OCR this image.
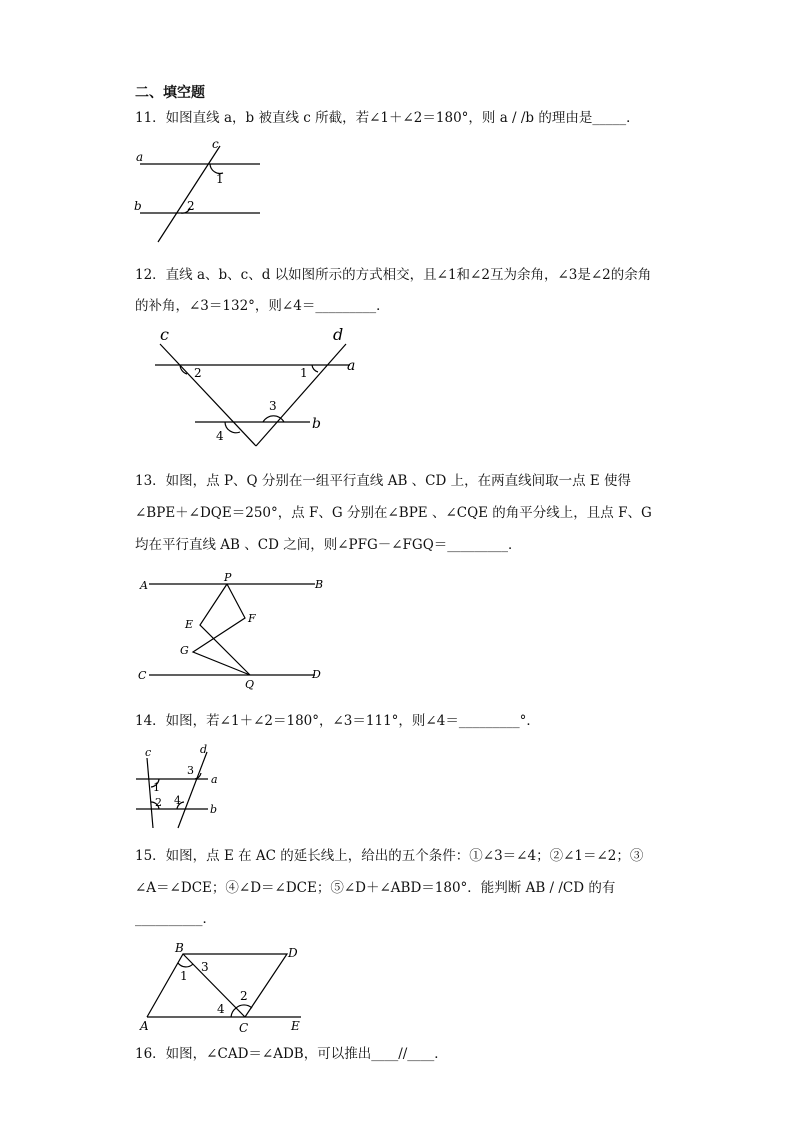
二、填空题
11．如图直线 a，b 被直线 c 所截，若∠1＋∠2＝180°，则 a / /b 的理由是_____．
a
b
c
1
2
12．直线 a、b、c、d 以如图所示的方式相交，且∠1和∠2互为余角，∠3是∠2的余角
的补角，∠3＝132°，则∠4＝_________．
c	d
a
b
2	1
3
4
13．如图，点 P、Q 分别在一组平行直线 AB 、CD 上，在两直线间取一点 E 使得
∠BPE＋∠DQE＝250°，点 F、G 分别在∠BPE 、∠CQE 的角平分线上，且点 F、G
均在平行直线 AB 、CD 之间，则∠PFG－∠FGQ＝_________．
A	B
C	D
P
Q
E	F
G
14．如图，若∠1＋∠2＝180°，∠3＝111°，则∠4＝_________°．
c	d
a
b
1
2
3
4
15．如图，点 E 在 AC 的延长线上，给出的五个条件：①∠3＝∠4；②∠1＝∠2；③
∠A＝∠DCE；④∠D＝∠DCE；⑤∠D＋∠ABD＝180°．能判断 AB / /CD 的有
__________．
B	D
A	C	E
1
3
4
2
16．如图，∠CAD＝∠ADB，可以推出____//____．
